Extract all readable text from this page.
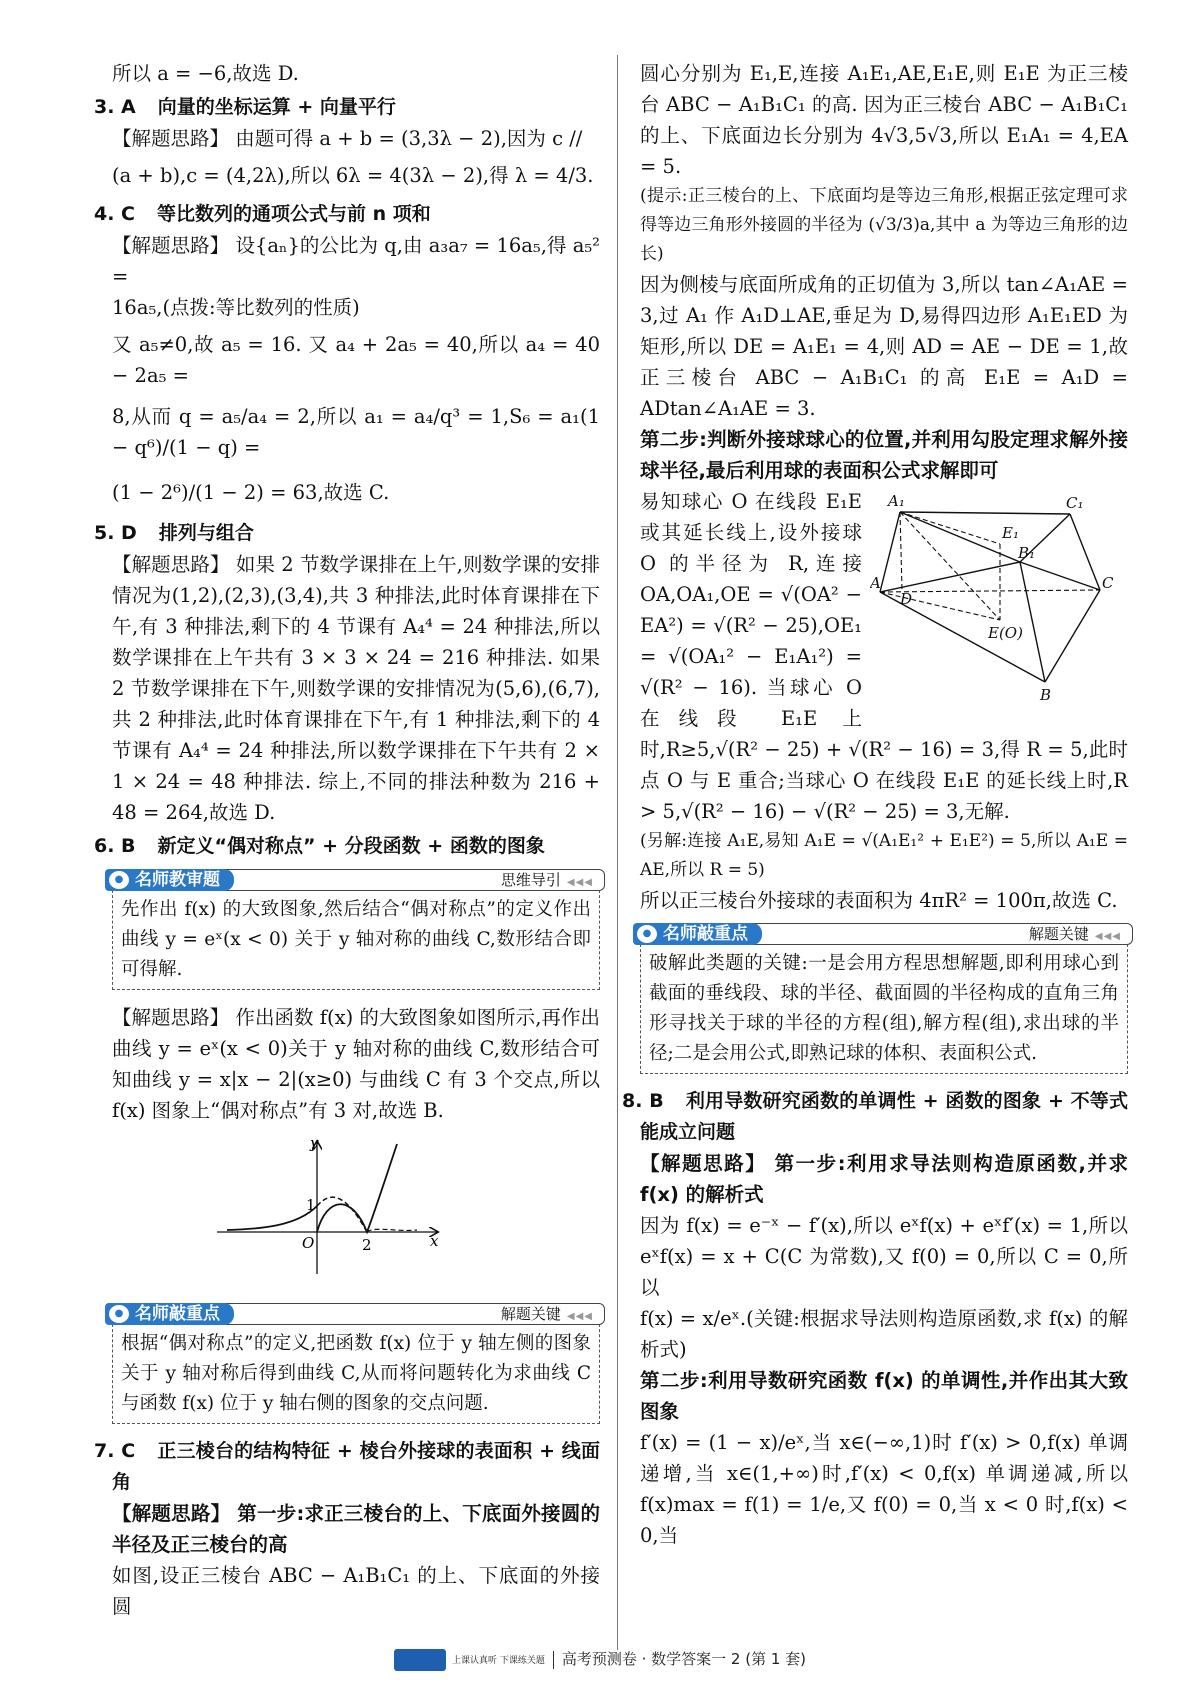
所以 a = −6,故选 D.

3. A 向量的坐标运算 + 向量平行

【解题思路】 由题可得 a + b = (3,3λ − 2),因为 c //

(a + b),c = (4,2λ),所以 6λ = 4(3λ − 2),得 λ = 4/3.

4. C 等比数列的通项公式与前 n 项和

【解题思路】 设{aₙ}的公比为 q,由 a₃a₇ = 16a₅,得 a₅² =

16a₅,(点拨:等比数列的性质)

又 a₅≠0,故 a₅ = 16. 又 a₄ + 2a₅ = 40,所以 a₄ = 40 − 2a₅ =

8,从而 q = a₅/a₄ = 2,所以 a₁ = a₄/q³ = 1,S₆ = a₁(1 − q⁶)/(1 − q) =

(1 − 2⁶)/(1 − 2) = 63,故选 C.

5. D 排列与组合

【解题思路】 如果 2 节数学课排在上午,则数学课的安排情况为(1,2),(2,3),(3,4),共 3 种排法,此时体育课排在下午,有 3 种排法,剩下的 4 节课有 A₄⁴ = 24 种排法,所以数学课排在上午共有 3 × 3 × 24 = 216 种排法. 如果 2 节数学课排在下午,则数学课的安排情况为(5,6),(6,7),共 2 种排法,此时体育课排在下午,有 1 种排法,剩下的 4 节课有 A₄⁴ = 24 种排法,所以数学课排在下午共有 2 × 1 × 24 = 48 种排法. 综上,不同的排法种数为 216 + 48 = 264,故选 D.

6. B 新定义“偶对称点” + 分段函数 + 函数的图象

● 名师教审题	思维导引 ◀◀◀

先作出 f(x) 的大致图象,然后结合“偶对称点”的定义作出曲线 y = eˣ(x < 0) 关于 y 轴对称的曲线 C,数形结合即可得解.

【解题思路】 作出函数 f(x) 的大致图象如图所示,再作出曲线 y = eˣ(x < 0)关于 y 轴对称的曲线 C,数形结合可知曲线 y = x|x − 2|(x≥0) 与曲线 C 有 3 个交点,所以 f(x) 图象上“偶对称点”有 3 对,故选 B.

y
x
O
1
2
● 名师敲重点	解题关键 ◀◀◀

根据“偶对称点”的定义,把函数 f(x) 位于 y 轴左侧的图象关于 y 轴对称后得到曲线 C,从而将问题转化为求曲线 C 与函数 f(x) 位于 y 轴右侧的图象的交点问题.

7. C 正三棱台的结构特征 + 棱台外接球的表面积 + 线面角

【解题思路】 第一步:求正三棱台的上、下底面外接圆的半径及正三棱台的高

如图,设正三棱台 ABC − A₁B₁C₁ 的上、下底面的外接圆

圆心分别为 E₁,E,连接 A₁E₁,AE,E₁E,则 E₁E 为正三棱台 ABC − A₁B₁C₁ 的高. 因为正三棱台 ABC − A₁B₁C₁ 的上、下底面边长分别为 4√3,5√3,所以 E₁A₁ = 4,EA = 5.

(提示:正三棱台的上、下底面均是等边三角形,根据正弦定理可求得等边三角形外接圆的半径为 (√3/3)a,其中 a 为等边三角形的边长)

因为侧棱与底面所成角的正切值为 3,所以 tan∠A₁AE = 3,过 A₁ 作 A₁D⊥AE,垂足为 D,易得四边形 A₁E₁ED 为矩形,所以 DE = A₁E₁ = 4,则 AD = AE − DE = 1,故正三棱台 ABC − A₁B₁C₁ 的高 E₁E = A₁D = ADtan∠A₁AE = 3.

第二步:判断外接球球心的位置,并利用勾股定理求解外接球半径,最后利用球的表面积公式求解即可

A₁	C₁
E₁
B₁
A
D
C
E(O)
B

易知球心 O 在线段 E₁E 或其延长线上,设外接球 O 的半径为 R,连接 OA,OA₁,OE = √(OA² − EA²) = √(R² − 25),OE₁ = √(OA₁² − E₁A₁²) = √(R² − 16). 当球心 O 在线段 E₁E 上时,R≥5,√(R² − 25) + √(R² − 16) = 3,得 R = 5,此时点 O 与 E 重合;当球心 O 在线段 E₁E 的延长线上时,R > 5,√(R² − 16) − √(R² − 25) = 3,无解.

(另解:连接 A₁E,易知 A₁E = √(A₁E₁² + E₁E²) = 5,所以 A₁E = AE,所以 R = 5)

所以正三棱台外接球的表面积为 4πR² = 100π,故选 C.

● 名师敲重点	解题关键 ◀◀◀

破解此类题的关键:一是会用方程思想解题,即利用球心到截面的垂线段、球的半径、截面圆的半径构成的直角三角形寻找关于球的半径的方程(组),解方程(组),求出球的半径;二是会用公式,即熟记球的体积、表面积公式.

8. B 利用导数研究函数的单调性 + 函数的图象 + 不等式能成立问题

【解题思路】 第一步:利用求导法则构造原函数,并求 f(x) 的解析式

因为 f(x) = e⁻ˣ − f′(x),所以 eˣf(x) + eˣf′(x) = 1,所以 eˣf(x) = x + C(C 为常数),又 f(0) = 0,所以 C = 0,所以

f(x) = x/eˣ.(关键:根据求导法则构造原函数,求 f(x) 的解析式)

第二步:利用导数研究函数 f(x) 的单调性,并作出其大致图象

f′(x) = (1 − x)/eˣ,当 x∈(−∞,1)时 f′(x) > 0,f(x) 单调递增,当 x∈(1,+∞)时,f′(x) < 0,f(x) 单调递减,所以 f(x)max = f(1) = 1/e,又 f(0) = 0,当 x < 0 时,f(x) < 0,当

上课认真听 下课练关题 高考预测卷 · 数学答案一 2 (第 1 套)
